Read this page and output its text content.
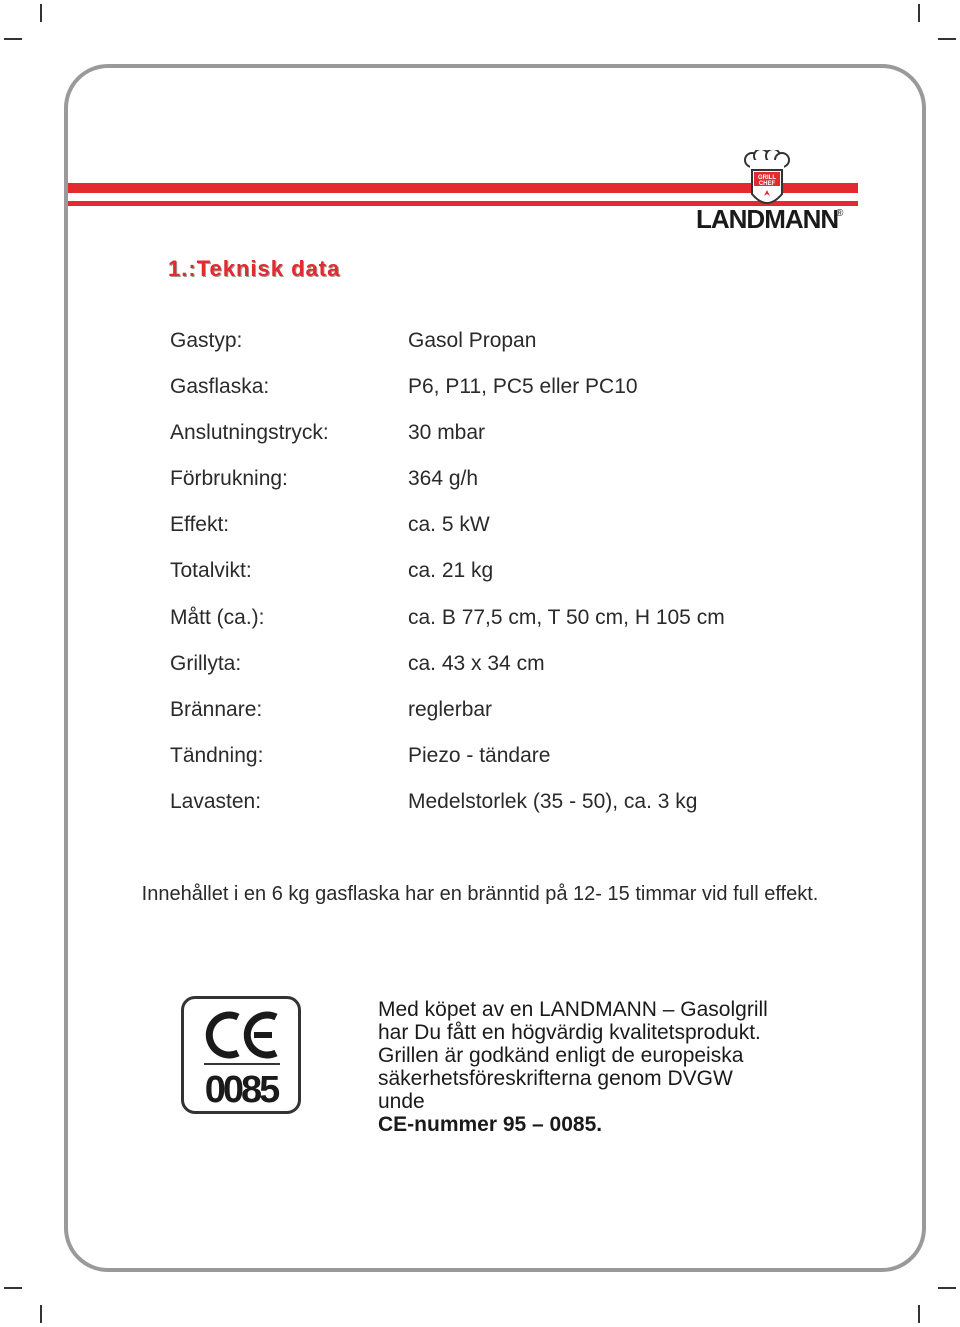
GRILL
CHEF
LANDMANN
®
1.:Teknisk data
Gastyp:	Gasol Propan
Gasflaska:	P6, P11, PC5 eller PC10
Anslutningstryck:	30 mbar
Förbrukning:	364 g/h
Effekt:	ca. 5 kW
Totalvikt:	ca. 21 kg
Mått (ca.):	ca. B 77,5 cm, T 50 cm, H 105 cm
Grillyta:	ca. 43 x 34 cm
Brännare:	reglerbar
Tändning:	Piezo - tändare
Lavasten:	Medelstorlek (35 - 50), ca. 3 kg
Innehållet i en 6 kg gasflaska har en bränntid på 12- 15 timmar vid full effekt.
0085
Med köpet av en LANDMANN – Gasolgrill
har Du fått en högvärdig kvalitetsprodukt.
Grillen är godkänd enligt de europeiska
säkerhetsföreskrifterna genom DVGW
unde
CE-nummer 95 – 0085.
